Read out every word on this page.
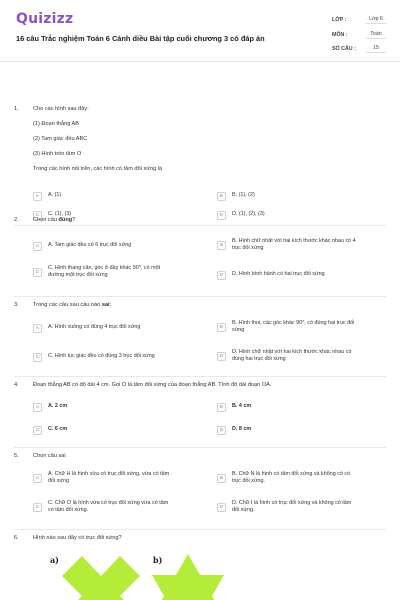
Quizizz
16 câu Trắc nghiệm Toán 6 Cánh diều Bài tập cuối chương 3 có đáp án
LỚP :	Lớp 6
MÔN :	Toán
SỐ CÂU :	15
1.	Cho các hình sau đây:
(1) Đoạn thẳng AB
(2) Tam giác đều ABC
(3) Hình tròn tâm O
Trong các hình nói trên, các hình có tâm đối xứng là
A	A. (1)	B	B. (1), (2)
C	C. (1), (3)	D	D. (1), (2), (3)
2.	Chọn câu đúng?
A	A. Tam giác đều có 6 trục đối xứng	B
B. Hình chữ nhật với hai kích thước khác nhau có 4
trục đối xứng
C
C. Hình thang cân, góc ở đáy khác 90⁰, có một
đường một trục đối xứng	D	D. Hình bình hành có hai trục đối xứng
3.	Trong các câu sau câu nào sai:
A	A. Hình vuông có đúng 4 trục đối xứng	B
B. Hình thoi, các góc khác 90⁰, có đúng hai trục đối
xứng
C	C. Hình lục giác đều có đúng 3 trục đối xứng	D
D. Hình chữ nhật với hai kích thước khác nhau có
đúng hai trục đối xứng
4.	Đoạn thẳng AB có độ dài 4 cm. Gọi O là tâm đối xứng của đoạn thẳng AB. Tính độ dài đoạn OA.
A	A. 2 cm	B	B. 4 cm
C	C. 6 cm	D	D. 8 cm
5.	Chọn câu sai
A
A. Chữ H là hình vừa có trục đối xứng, vừa có tâm
đối xứng	B
B. Chữ N là hình có tâm đối xứng và không có có
trục đối xứng.
C
C. Chữ O là hình vừa có trục đối xứng vừa có tâm
có tâm đối xứng.	D
D. Chữ I là hình có trục đối xứng và không có tâm
đối xứng.
6.	Hình nào sau đây có trục đối xứng?
a)	b)
